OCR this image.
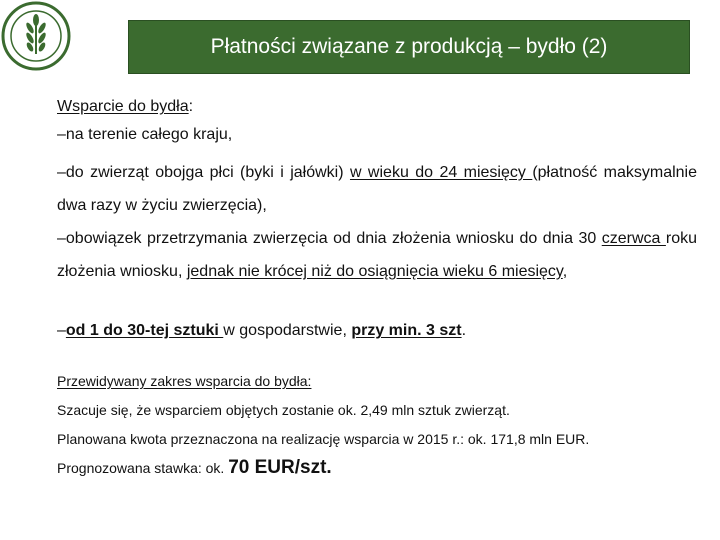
Płatności związane z produkcją – bydło (2)

Wsparcie do bydła:

–na terenie całego kraju,

–do zwierząt obojga płci (byki i jałówki) w wieku do 24 miesięcy (płatność maksymalnie dwa razy w życiu zwierzęcia),

–obowiązek przetrzymania zwierzęcia od dnia złożenia wniosku do dnia 30 czerwca roku złożenia wniosku, jednak nie krócej niż do osiągnięcia wieku 6 miesięcy,

–od 1 do 30-tej sztuki w gospodarstwie, przy min. 3 szt.

Przewidywany zakres wsparcia do bydła:

Szacuje się, że wsparciem objętych zostanie ok. 2,49 mln sztuk zwierząt.

Planowana kwota przeznaczona na realizację wsparcia w 2015 r.: ok. 171,8 mln EUR.

Prognozowana stawka: ok. 70 EUR/szt.
